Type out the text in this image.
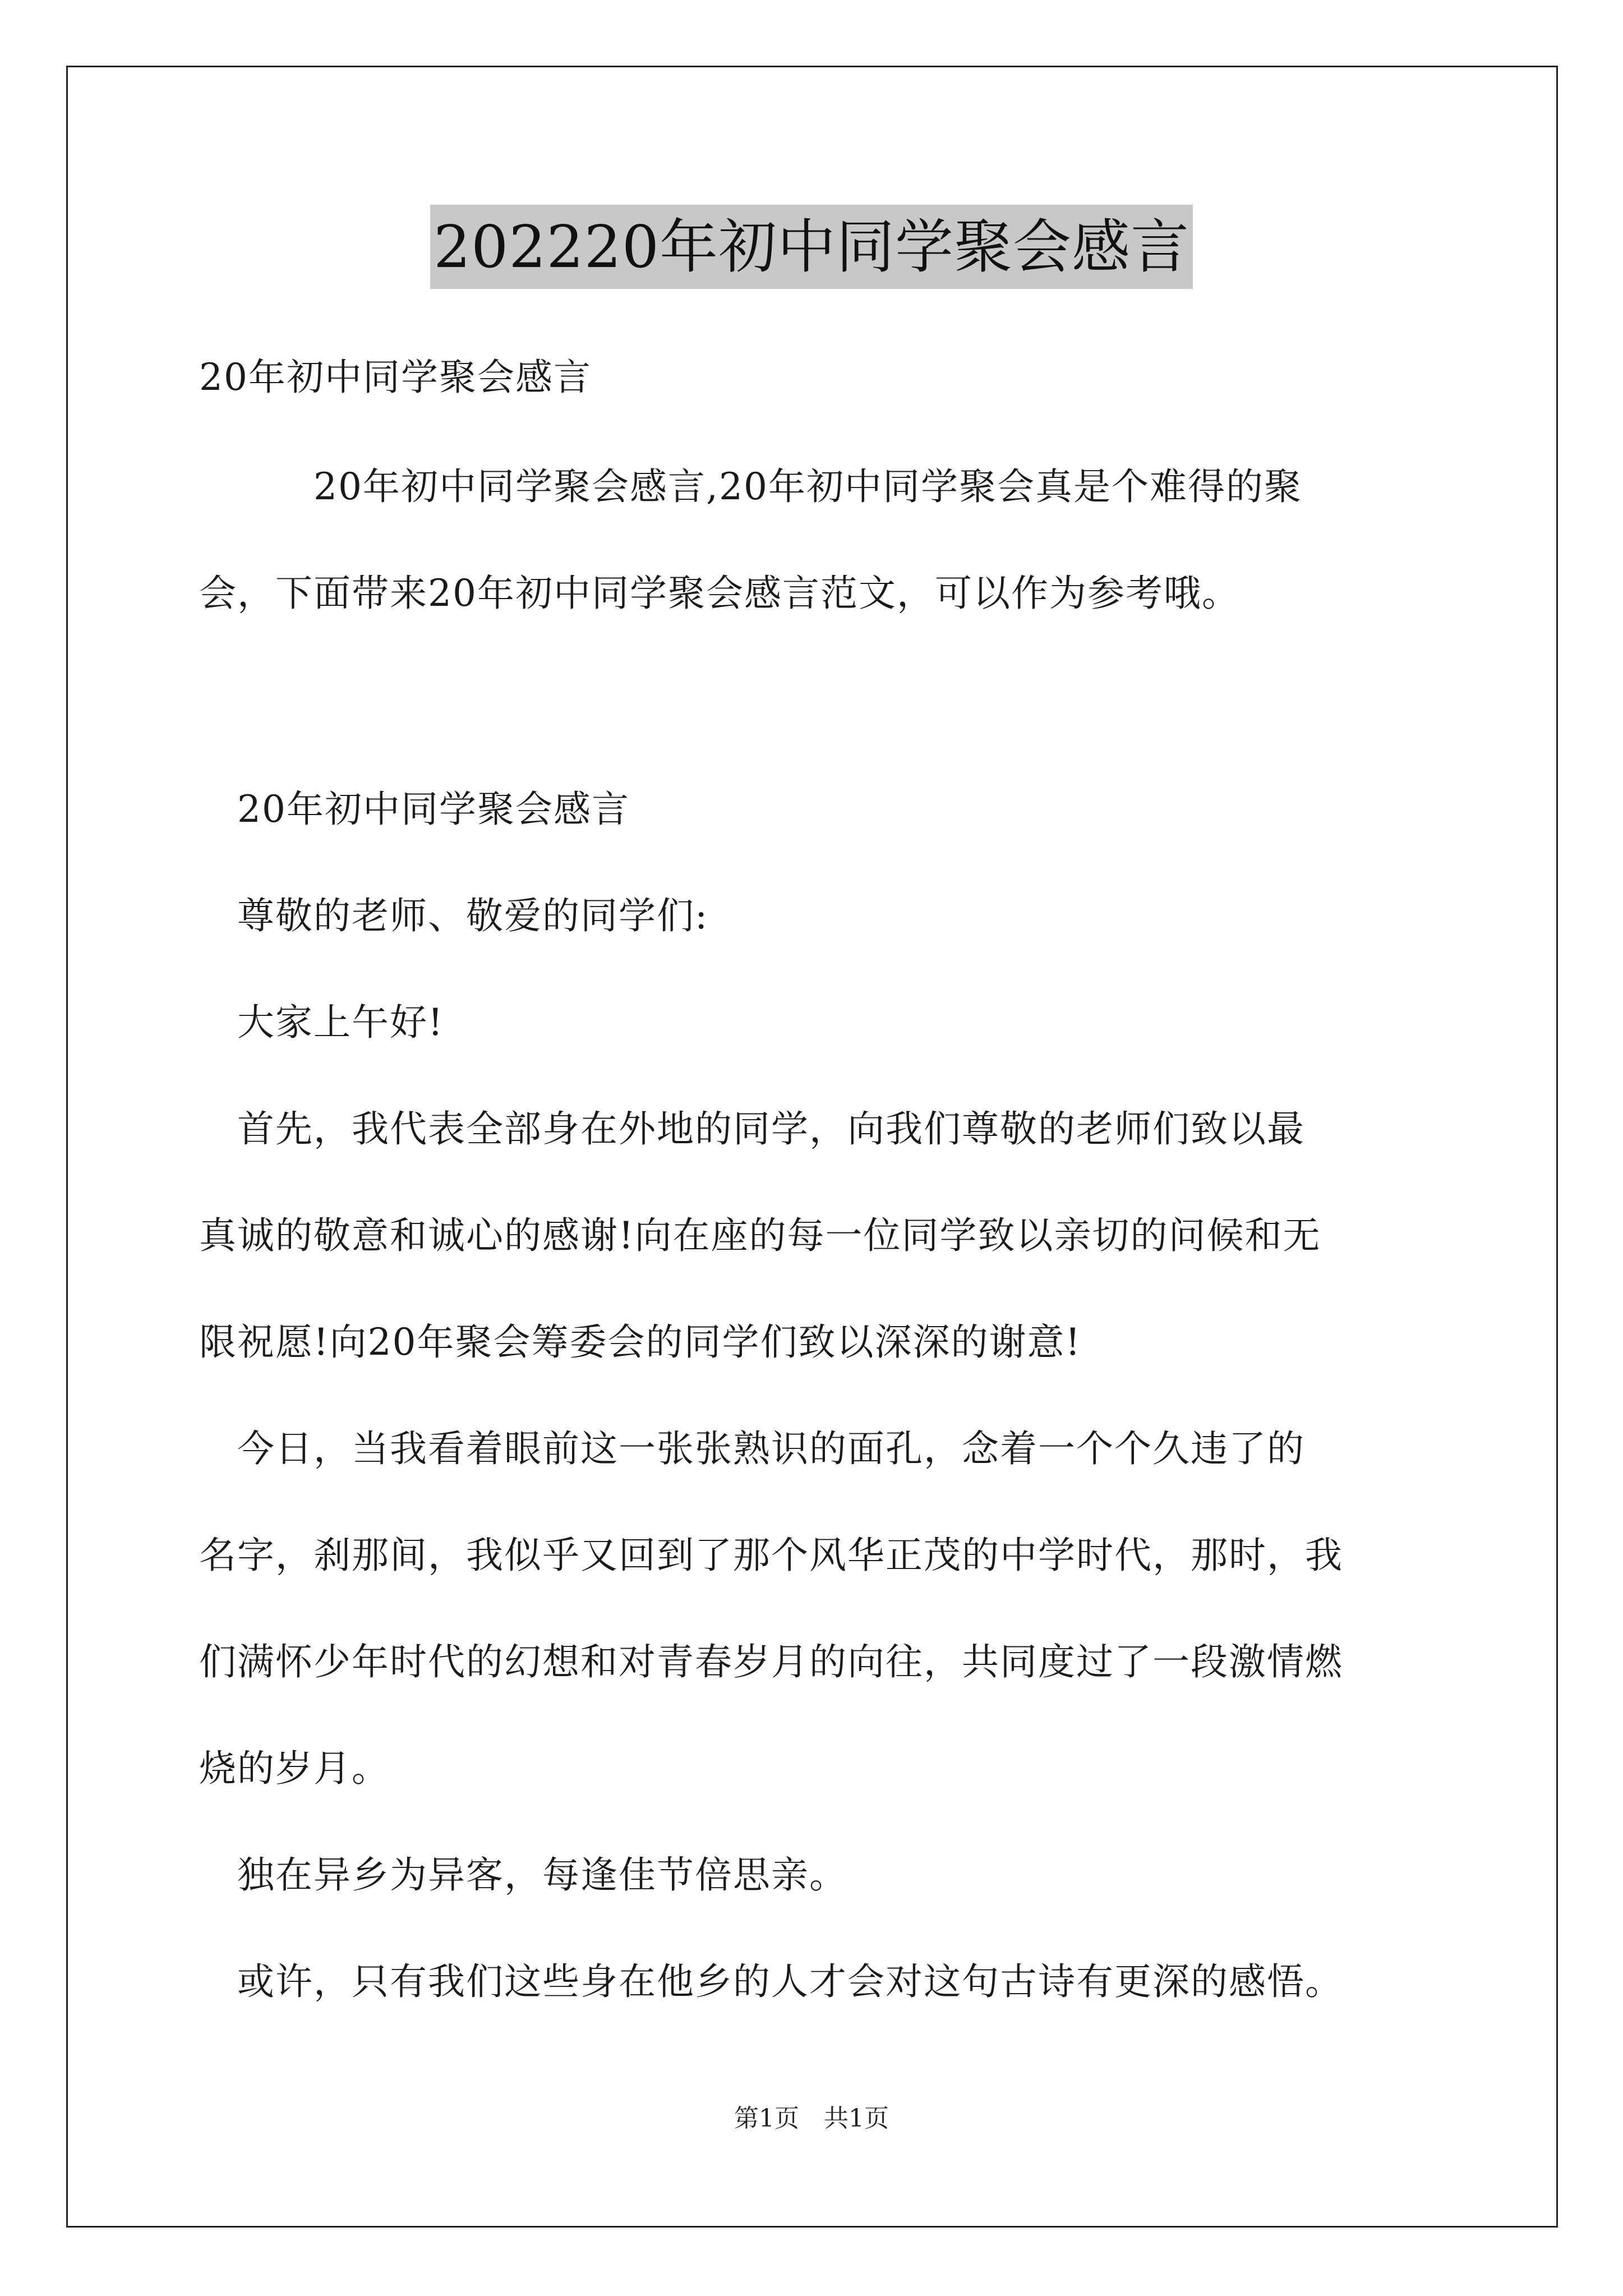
202220年初中同学聚会感言
20年初中同学聚会感言
　　　20年初中同学聚会感言,20年初中同学聚会真是个难得的聚
会，下面带来20年初中同学聚会感言范文，可以作为参考哦。
　20年初中同学聚会感言
　尊敬的老师、敬爱的同学们:
　大家上午好!
　首先，我代表全部身在外地的同学，向我们尊敬的老师们致以最
真诚的敬意和诚心的感谢!向在座的每一位同学致以亲切的问候和无
限祝愿!向20年聚会筹委会的同学们致以深深的谢意!
　今日，当我看着眼前这一张张熟识的面孔，念着一个个久违了的
名字，刹那间，我似乎又回到了那个风华正茂的中学时代，那时，我
们满怀少年时代的幻想和对青春岁月的向往，共同度过了一段激情燃
烧的岁月。
　独在异乡为异客，每逢佳节倍思亲。
　或许，只有我们这些身在他乡的人才会对这句古诗有更深的感悟。
第1页　共1页
